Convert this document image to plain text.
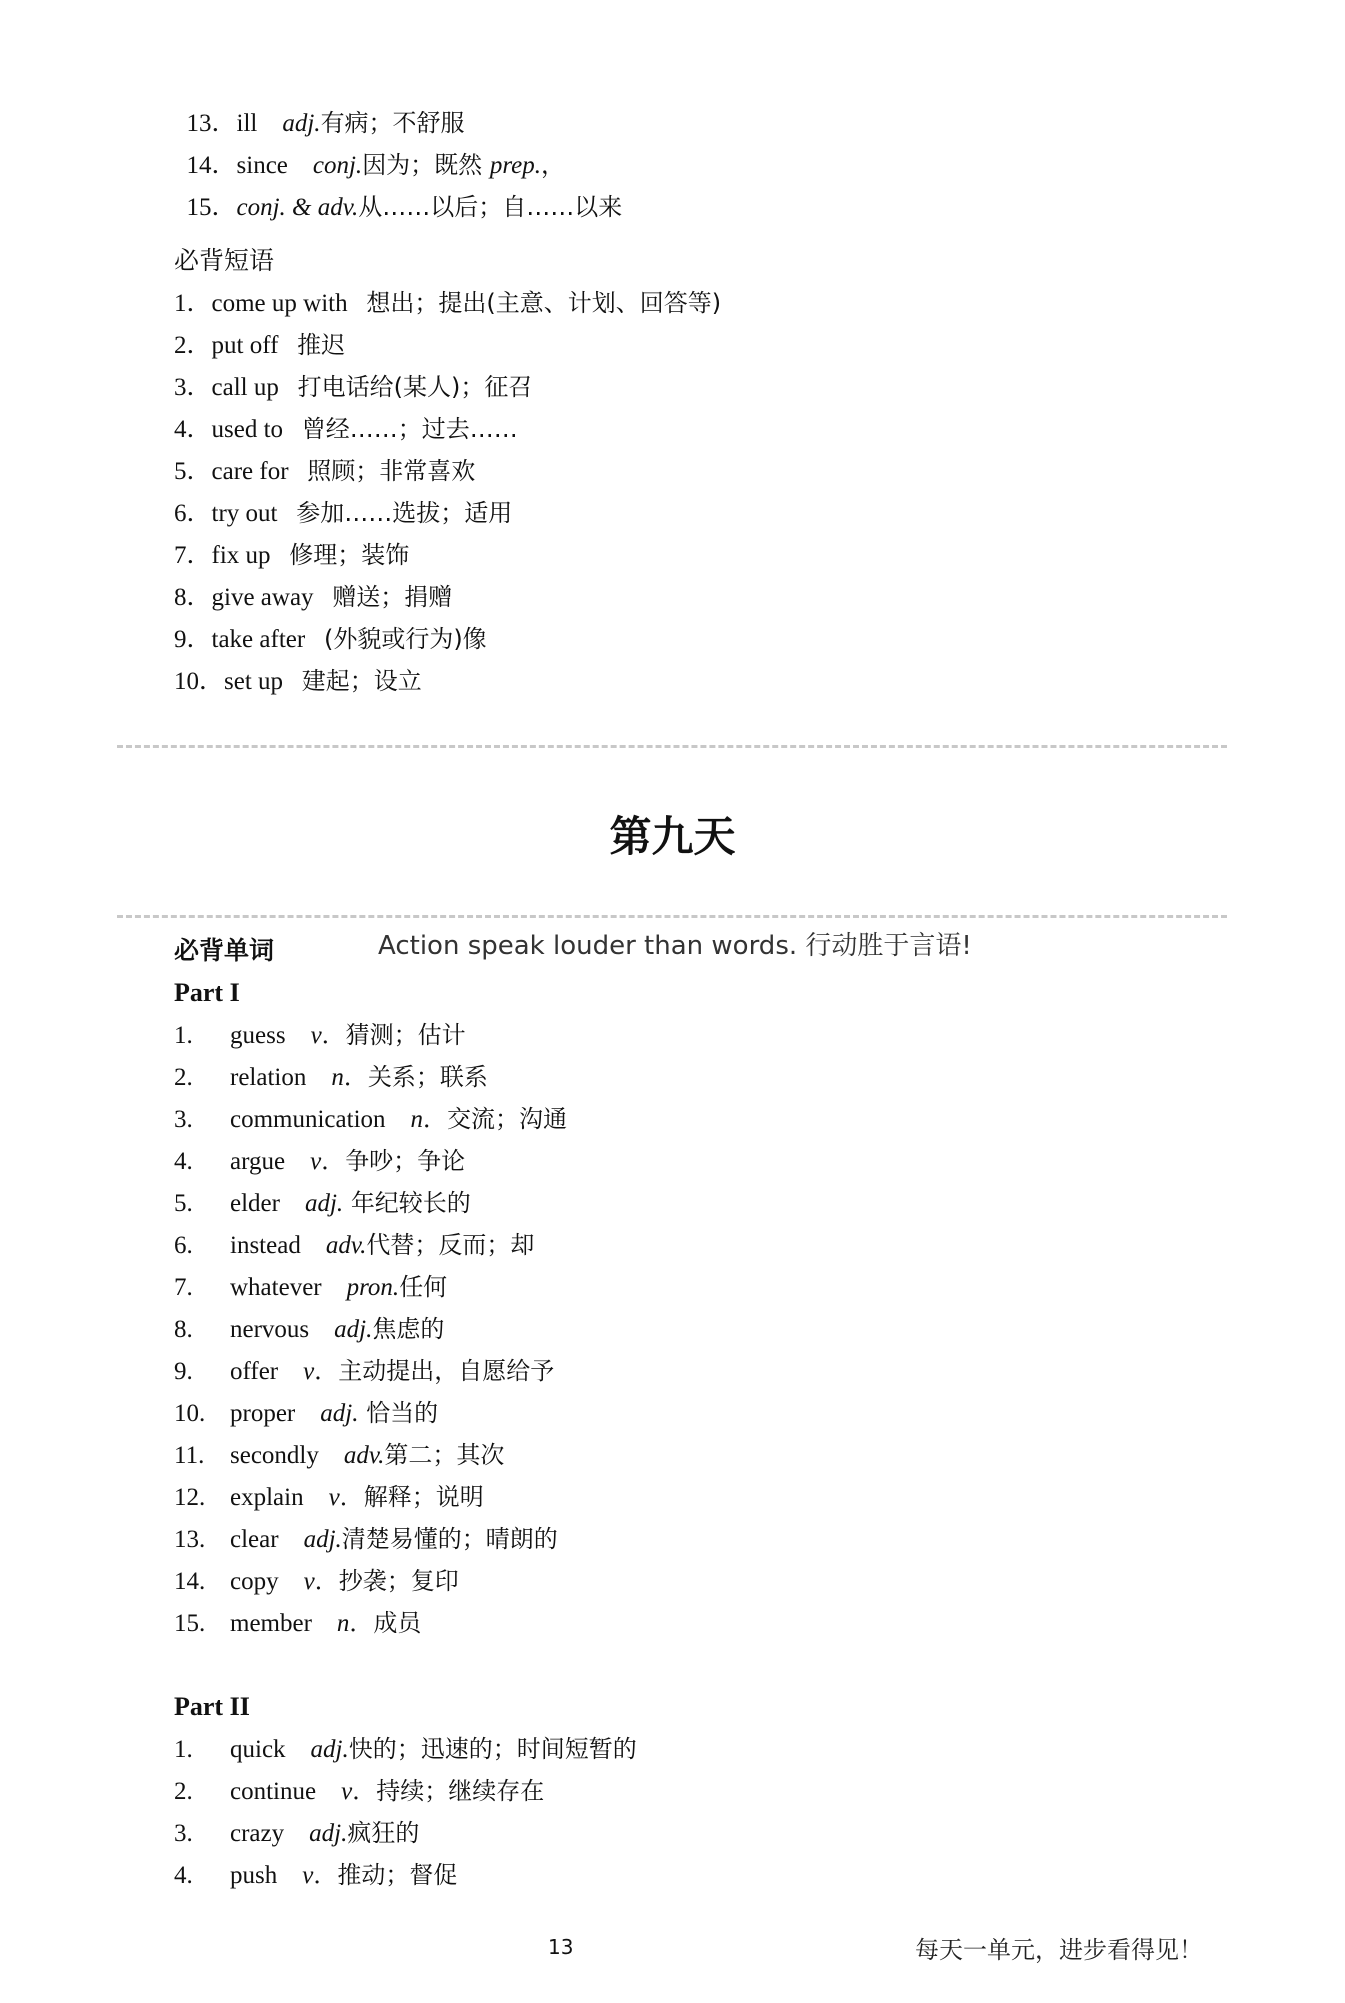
13．ill adj.有病；不舒服

14．since conj.因为；既然 prep.，

15．conj. & adv.从……以后；自……以来

必背短语
1．come up with 想出；提出(主意、计划、回答等)
2．put off 推迟
3．call up 打电话给(某人)；征召
4．used to 曾经……；过去……
5．care for 照顾；非常喜欢
6．try out 参加……选拔；适用
7．fix up 修理；装饰
8．give away 赠送；捐赠
9．take after (外貌或行为)像
10．set up 建起；设立
第九天
必背单词	Action speak louder than words. 行动胜于言语!
Part I
1. guess v．猜测；估计
2. relation n．关系；联系
3. communication n．交流；沟通
4. argue v．争吵；争论
5. elder adj. 年纪较长的
6. instead adv.代替；反而；却
7. whatever pron.任何
8. nervous adj.焦虑的
9. offer v．主动提出，自愿给予
10. proper adj. 恰当的
11. secondly adv.第二；其次
12. explain v．解释；说明
13. clear adj.清楚易懂的；晴朗的
14. copy v．抄袭；复印
15. member n．成员
Part II
1. quick adj.快的；迅速的；时间短暂的
2. continue v．持续；继续存在
3. crazy adj.疯狂的
4. push v．推动；督促
13	每天一单元，进步看得见！
